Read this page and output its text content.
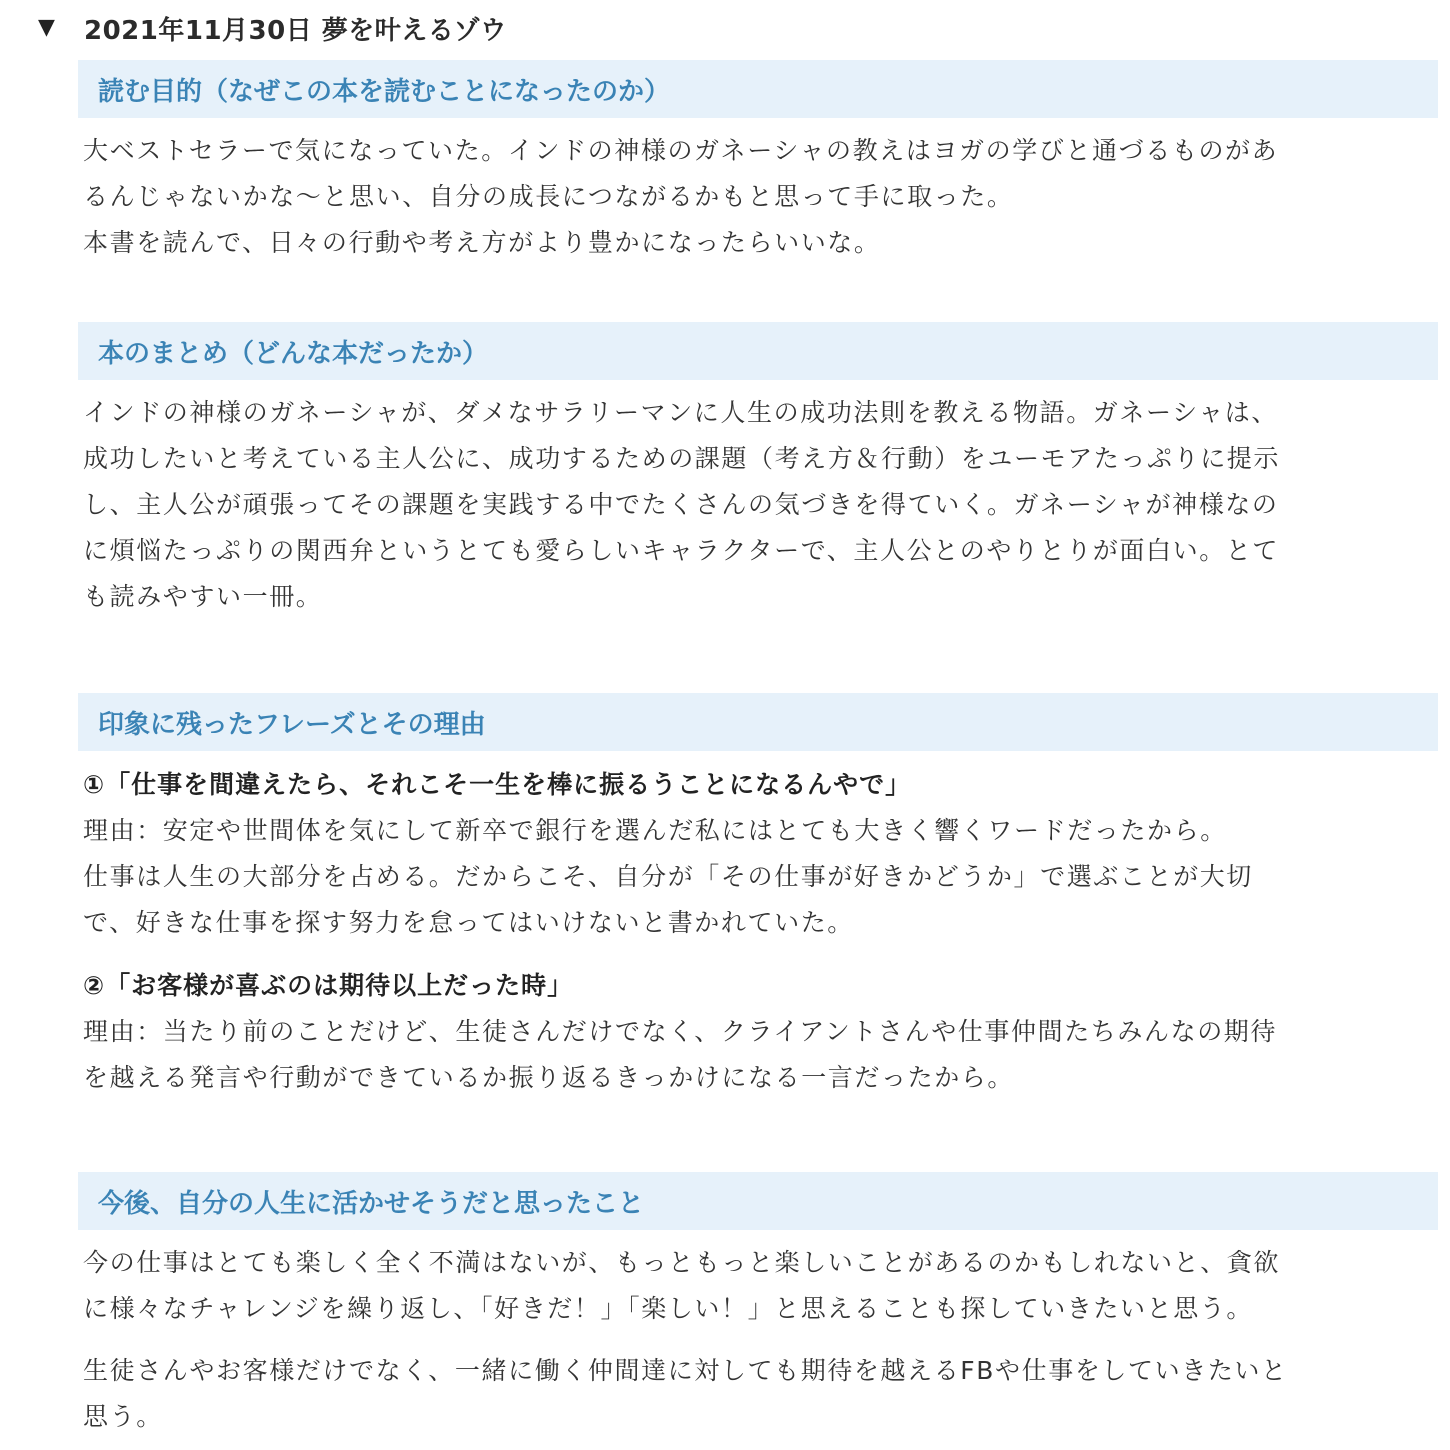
▼	2021年11月30日 夢を叶えるゾウ
読む目的（なぜこの本を読むことになったのか）

大ベストセラーで気になっていた。インドの神様のガネーシャの教えはヨガの学びと通づるものがあ

るんじゃないかな〜と思い、自分の成長につながるかもと思って手に取った。

本書を読んで、日々の行動や考え方がより豊かになったらいいな。

本のまとめ（どんな本だったか）

インドの神様のガネーシャが、ダメなサラリーマンに人生の成功法則を教える物語。ガネーシャは、

成功したいと考えている主人公に、成功するための課題（考え方＆行動）をユーモアたっぷりに提示

し、主人公が頑張ってその課題を実践する中でたくさんの気づきを得ていく。ガネーシャが神様なの

に煩悩たっぷりの関西弁というとても愛らしいキャラクターで、主人公とのやりとりが面白い。とて

も読みやすい一冊。

印象に残ったフレーズとその理由
①「仕事を間違えたら、それこそ一生を棒に振るうことになるんやで」

理由：安定や世間体を気にして新卒で銀行を選んだ私にはとても大きく響くワードだったから。

仕事は人生の大部分を占める。だからこそ、自分が「その仕事が好きかどうか」で選ぶことが大切

で、好きな仕事を探す努力を怠ってはいけないと書かれていた。

②「お客様が喜ぶのは期待以上だった時」

理由：当たり前のことだけど、生徒さんだけでなく、クライアントさんや仕事仲間たちみんなの期待

を越える発言や行動ができているか振り返るきっかけになる一言だったから。

今後、自分の人生に活かせそうだと思ったこと

今の仕事はとても楽しく全く不満はないが、もっともっと楽しいことがあるのかもしれないと、貪欲

に様々なチャレンジを繰り返し、「好きだ！」「楽しい！」と思えることも探していきたいと思う。

生徒さんやお客様だけでなく、一緒に働く仲間達に対しても期待を越えるFBや仕事をしていきたいと

思う。
